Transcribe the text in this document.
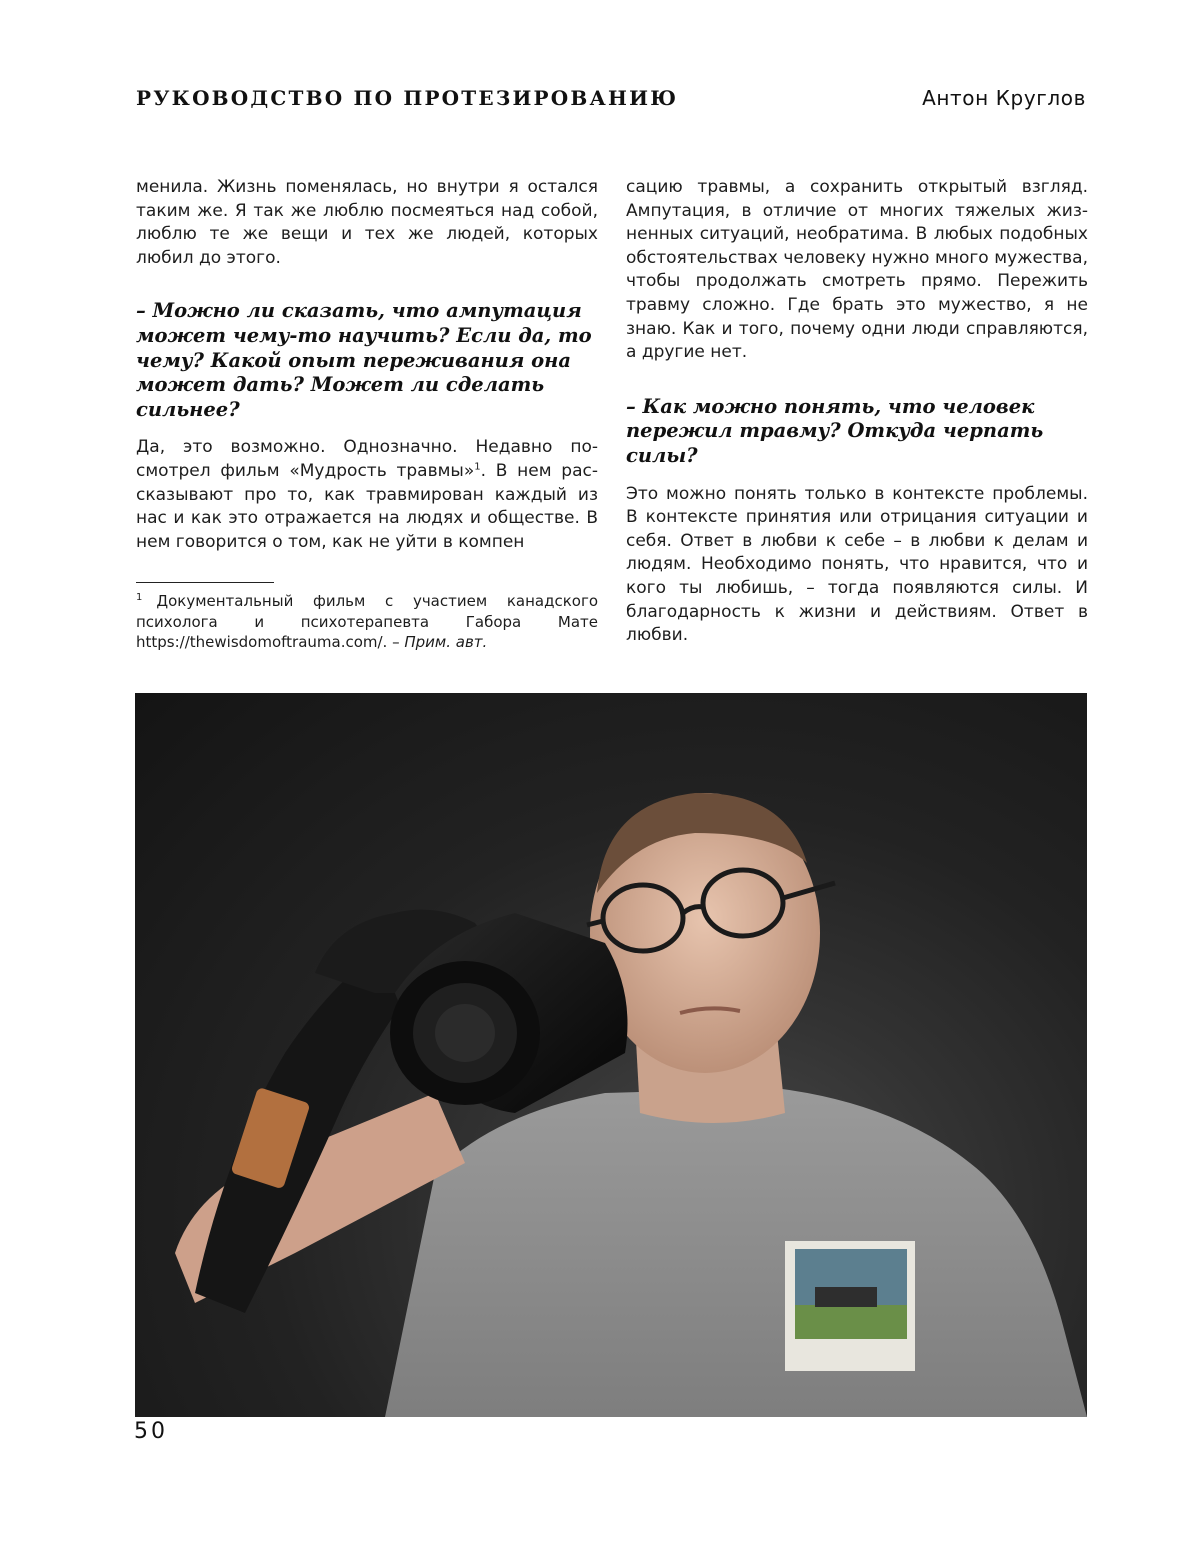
РУКОВОДСТВО ПО ПРОТЕЗИРОВАНИЮ	Антон Круглов

менила. Жизнь поменялась, но внутри я остался таким же. Я так же люблю посмеяться над собой, люблю те же вещи и тех же людей, которых любил до этого.

– Можно ли сказать, что ампутация может чему-то научить? Если да, то чему? Какой опыт переживания она может дать? Может ли сделать сильнее?

Да, это возможно. Однозначно. Недавно посмотрел фильм «Мудрость травмы»$^1$. В нем рассказывают про то, как травмирован каждый из нас и как это отражается на людях и обществе. В нем говорится о том, как не уйти в компен

$^1$ Документальный фильм с участием канадского психолога и психотерапевта Габора Мате https://thewisdomoftrauma.com/. – Прим. авт.

сацию травмы, а сохранить открытый взгляд. Ампутация, в отличие от многих тяжелых жизненных ситуаций, необратима. В любых подобных обстоятельствах человеку нужно много мужества, чтобы продолжать смотреть прямо. Пережить травму сложно. Где брать это мужество, я не знаю. Как и того, почему одни люди справляются, а другие нет.

– Как можно понять, что человек пережил травму? Откуда черпать силы?

Это можно понять только в контексте проблемы. В контексте принятия или отрицания ситуации и себя. Ответ в любви к себе – в любви к делам и людям. Необходимо понять, что нравится, что и кого ты любишь, – тогда появляются силы. И благодарность к жизни и действиям. Ответ в любви.

50
